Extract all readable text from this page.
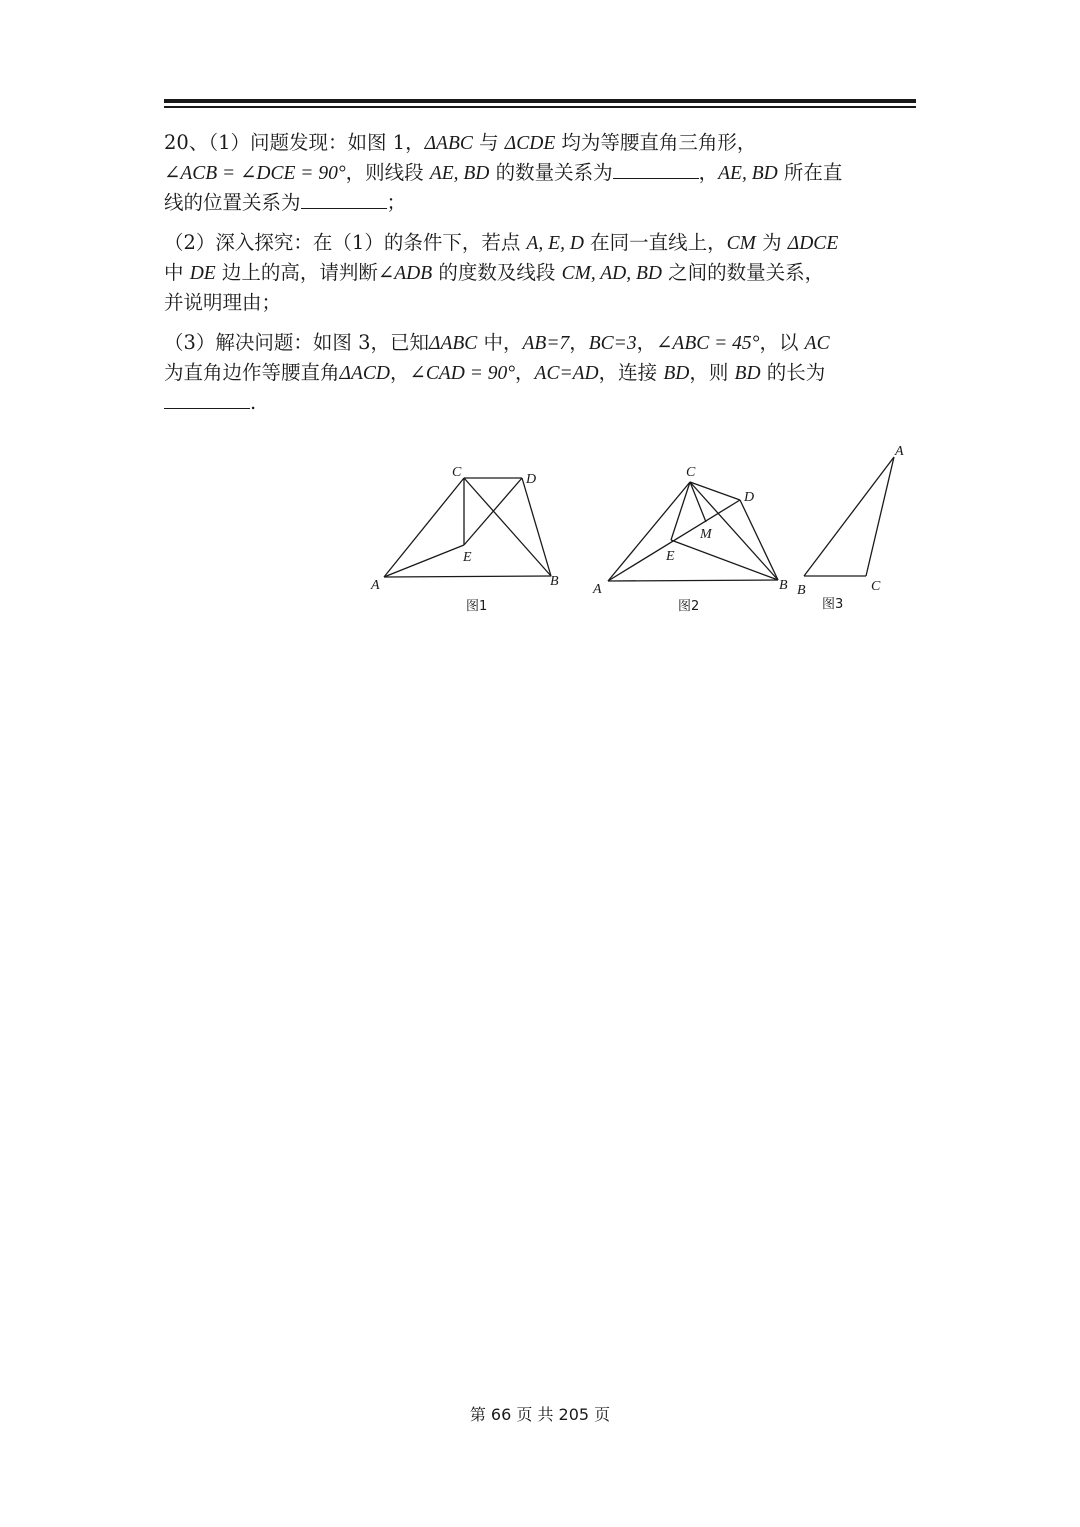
20、（1）问题发现：如图 1，ΔABC 与 ΔCDE 均为等腰直角三角形，
∠ACB = ∠DCE = 90°，则线段 AE, BD 的数量关系为	，AE, BD 所在直
线的位置关系为	；
（2）深入探究：在（1）的条件下，若点 A, E, D 在同一直线上，CM 为 ΔDCE
中 DE 边上的高，请判断∠ADB 的度数及线段 CM, AD, BD 之间的数量关系，
并说明理由；
（3）解决问题：如图 3，已知ΔABC 中，AB=7，BC=3，∠ABC = 45°，以 AC
为直角边作等腰直角ΔACD，∠CAD = 90°，AC=AD，连接 BD，则 BD 的长为
.
C	D
E
A	B
图1
C
D
M
E
A	B
图2
A
B	C
图3
第 66 页 共 205 页
